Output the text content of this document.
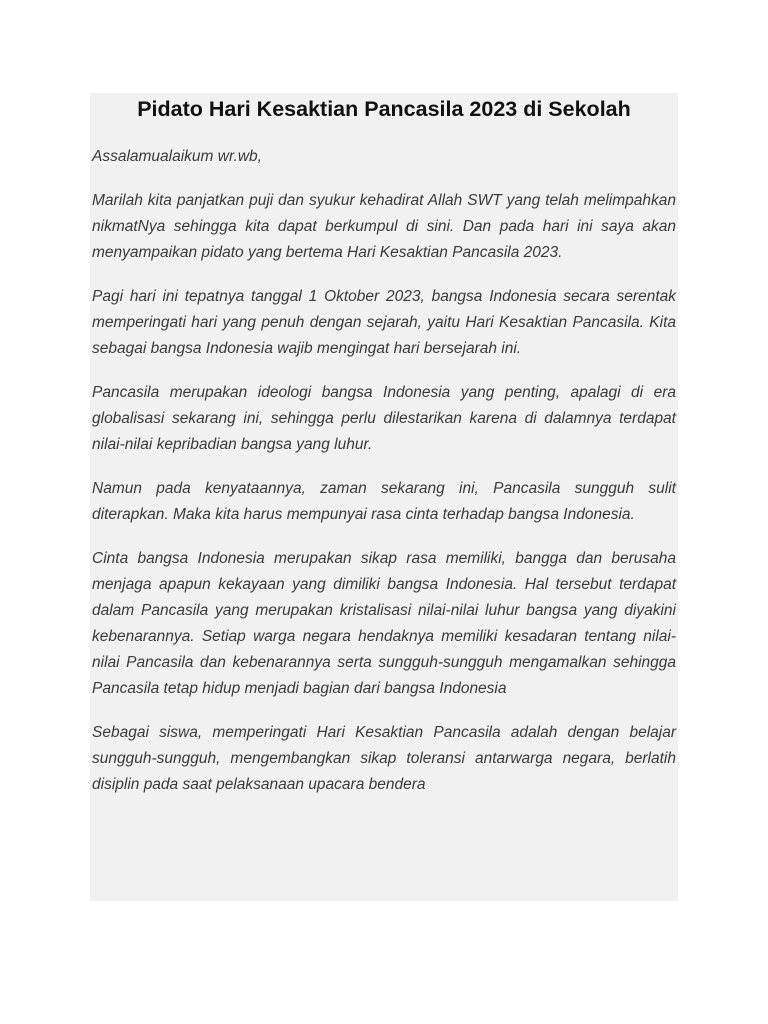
Pidato Hari Kesaktian Pancasila 2023 di Sekolah

Assalamualaikum wr.wb,

Marilah kita panjatkan puji dan syukur kehadirat Allah SWT yang telah melimpahkan nikmatNya sehingga kita dapat berkumpul di sini. Dan pada hari ini saya akan menyampaikan pidato yang bertema Hari Kesaktian Pancasila 2023.

Pagi hari ini tepatnya tanggal 1 Oktober 2023, bangsa Indonesia secara serentak memperingati hari yang penuh dengan sejarah, yaitu Hari Kesaktian Pancasila. Kita sebagai bangsa Indonesia wajib mengingat hari bersejarah ini.

Pancasila merupakan ideologi bangsa Indonesia yang penting, apalagi di era globalisasi sekarang ini, sehingga perlu dilestarikan karena di dalamnya terdapat nilai-nilai kepribadian bangsa yang luhur.

Namun pada kenyataannya, zaman sekarang ini, Pancasila sungguh sulit diterapkan. Maka kita harus mempunyai rasa cinta terhadap bangsa Indonesia.

Cinta bangsa Indonesia merupakan sikap rasa memiliki, bangga dan berusaha menjaga apapun kekayaan yang dimiliki bangsa Indonesia. Hal tersebut terdapat dalam Pancasila yang merupakan kristalisasi nilai-nilai luhur bangsa yang diyakini kebenarannya. Setiap warga negara hendaknya memiliki kesadaran tentang nilai-nilai Pancasila dan kebenarannya serta sungguh-sungguh mengamalkan sehingga Pancasila tetap hidup menjadi bagian dari bangsa Indonesia

Sebagai siswa, memperingati Hari Kesaktian Pancasila adalah dengan belajar sungguh-sungguh, mengembangkan sikap toleransi antarwarga negara, berlatih disiplin pada saat pelaksanaan upacara bendera
